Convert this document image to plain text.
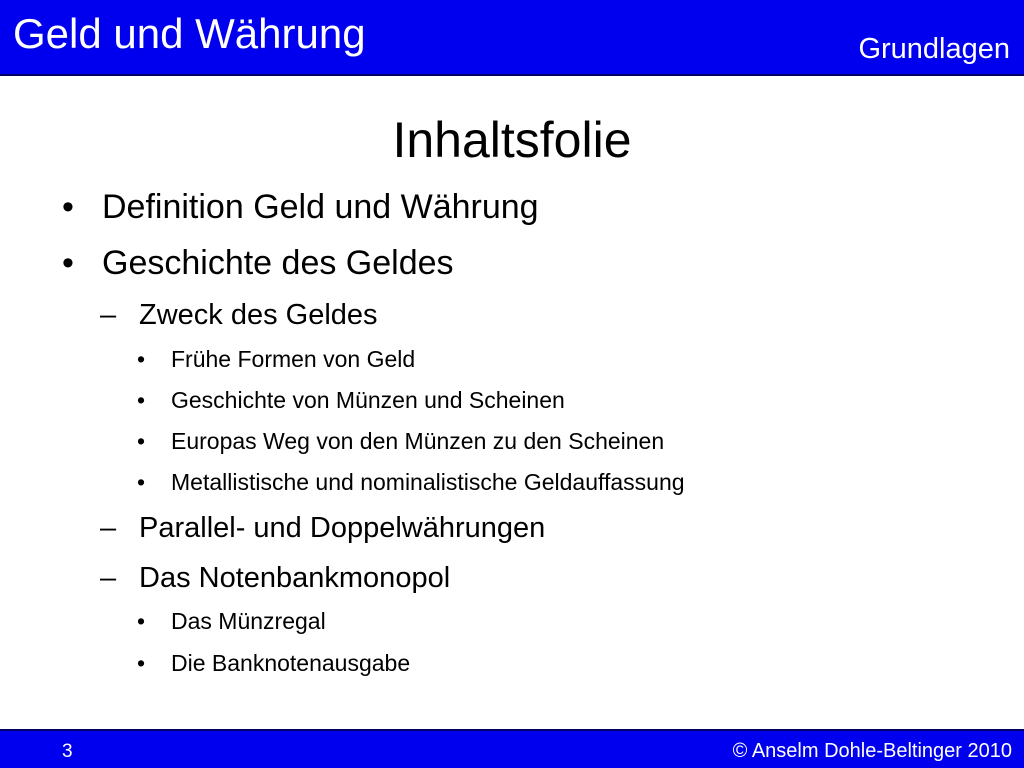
Geld und Währung	Grundlagen
Inhaltsfolie
• Definition Geld und Währung
• Geschichte des Geldes
– Zweck des Geldes
•	Frühe Formen von Geld
•	Geschichte von Münzen und Scheinen
•	Europas Weg von den Münzen zu den Scheinen
•	Metallistische und nominalistische Geldauffassung
– Parallel- und Doppelwährungen
– Das Notenbankmonopol
•	Das Münzregal
•	Die Banknotenausgabe
3	© Anselm Dohle-Beltinger 2010
